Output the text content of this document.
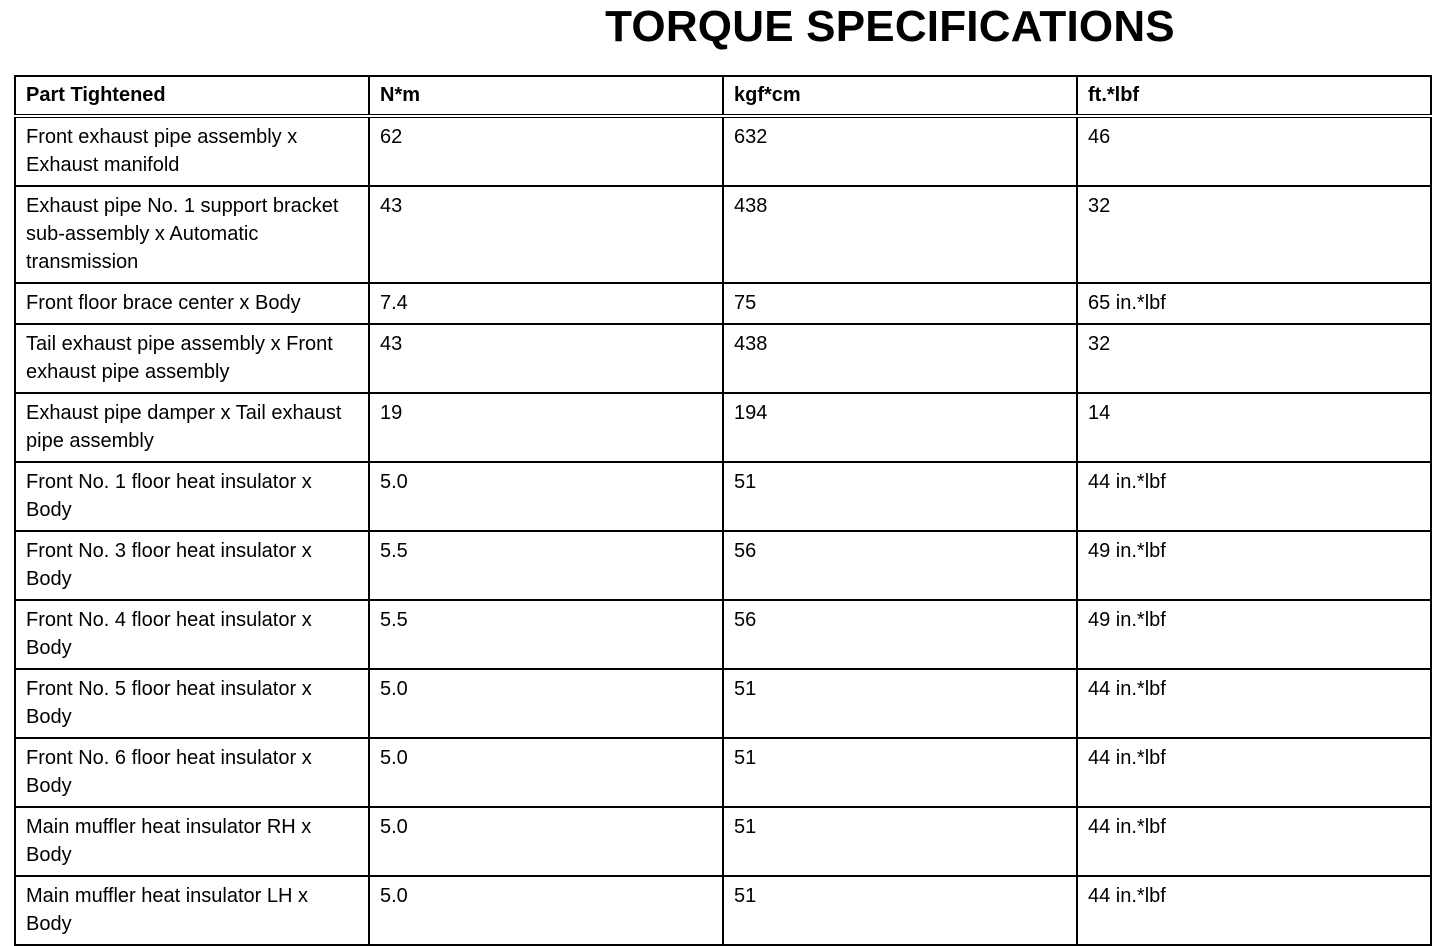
TORQUE SPECIFICATIONS
Part Tightened	N*m	kgf*cm	ft.*lbf
Front exhaust pipe assembly x Exhaust manifold	62	632	46
Exhaust pipe No. 1 support bracket sub-assembly x Automatic transmission	43	438	32
Front floor brace center x Body	7.4	75	65 in.*lbf
Tail exhaust pipe assembly x Front exhaust pipe assembly	43	438	32
Exhaust pipe damper x Tail exhaust pipe assembly	19	194	14
Front No. 1 floor heat insulator x Body	5.0	51	44 in.*lbf
Front No. 3 floor heat insulator x Body	5.5	56	49 in.*lbf
Front No. 4 floor heat insulator x Body	5.5	56	49 in.*lbf
Front No. 5 floor heat insulator x Body	5.0	51	44 in.*lbf
Front No. 6 floor heat insulator x Body	5.0	51	44 in.*lbf
Main muffler heat insulator RH x Body	5.0	51	44 in.*lbf
Main muffler heat insulator LH x Body	5.0	51	44 in.*lbf
